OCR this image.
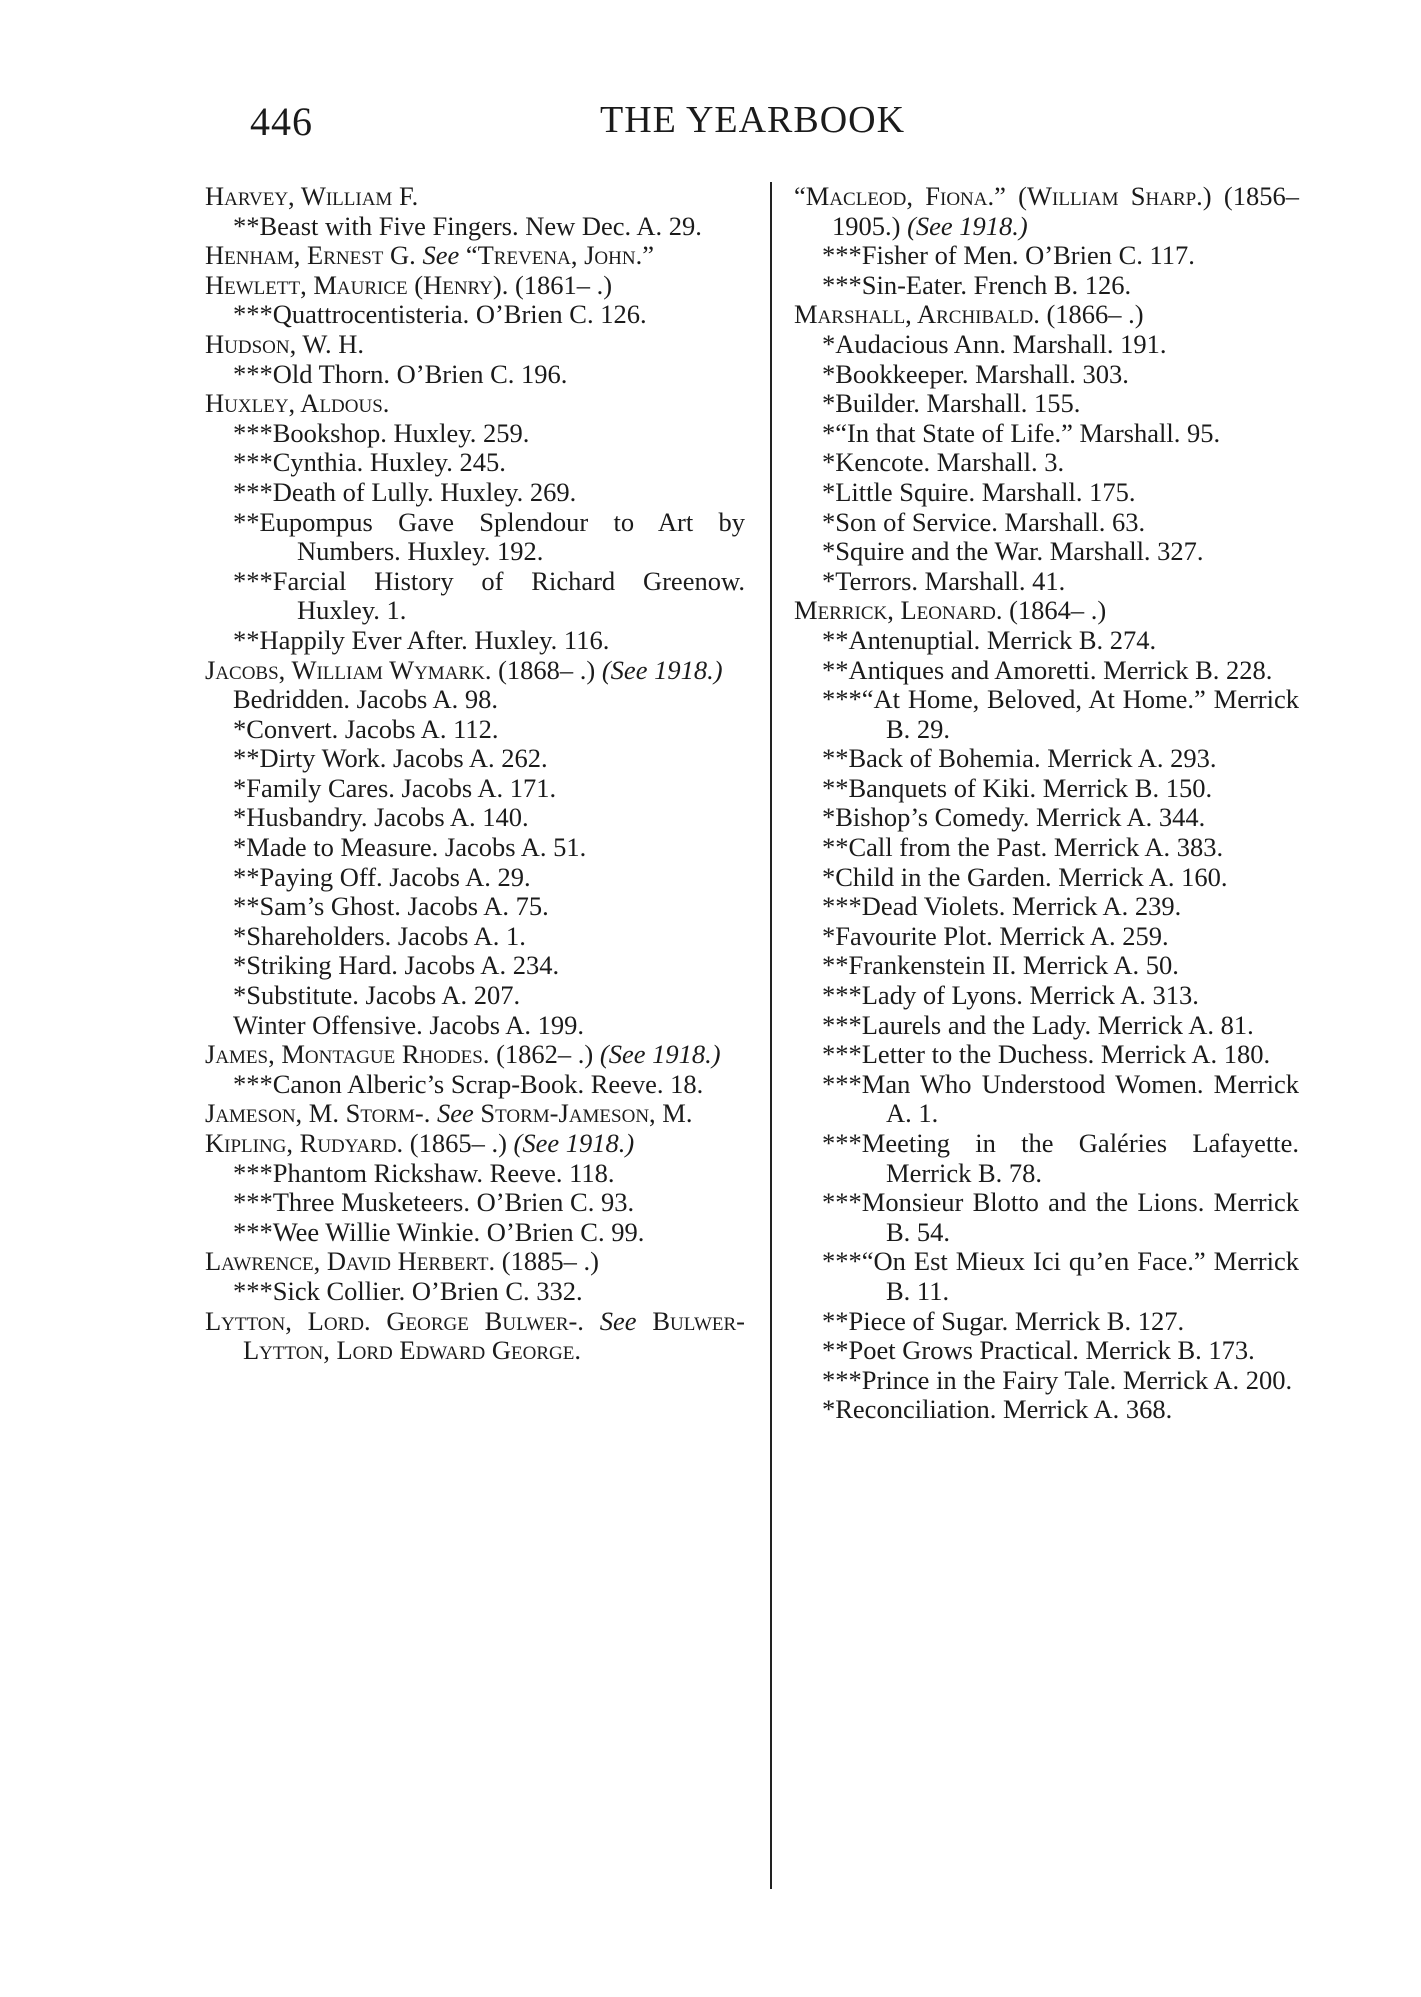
446	THE YEARBOOK
Harvey, William F.
**Beast with Five Fingers. New Dec. A. 29.
Henham, Ernest G. See “Trevena, John.”
Hewlett, Maurice (Henry). (1861– .)
***Quattrocentisteria. O’Brien C. 126.
Hudson, W. H.
***Old Thorn. O’Brien C. 196.
Huxley, Aldous.
***Bookshop. Huxley. 259.
***Cynthia. Huxley. 245.
***Death of Lully. Huxley. 269.
**Eupompus Gave Splendour to Art by Numbers. Huxley. 192.
***Farcial History of Richard Greenow. Huxley. 1.
**Happily Ever After. Huxley. 116.
Jacobs, William Wymark. (1868– .) (See 1918.)
Bedridden. Jacobs A. 98.
*Convert. Jacobs A. 112.
**Dirty Work. Jacobs A. 262.
*Family Cares. Jacobs A. 171.
*Husbandry. Jacobs A. 140.
*Made to Measure. Jacobs A. 51.
**Paying Off. Jacobs A. 29.
**Sam’s Ghost. Jacobs A. 75.
*Shareholders. Jacobs A. 1.
*Striking Hard. Jacobs A. 234.
*Substitute. Jacobs A. 207.
Winter Offensive. Jacobs A. 199.
James, Montague Rhodes. (1862– .) (See 1918.)
***Canon Alberic’s Scrap-Book. Reeve. 18.
Jameson, M. Storm-. See Storm-Jameson, M.
Kipling, Rudyard. (1865– .) (See 1918.)
***Phantom Rickshaw. Reeve. 118.
***Three Musketeers. O’Brien C. 93.
***Wee Willie Winkie. O’Brien C. 99.
Lawrence, David Herbert. (1885– .)
***Sick Collier. O’Brien C. 332.
Lytton, Lord. George Bulwer-. See Bulwer-Lytton, Lord Edward George.
“Macleod, Fiona.” (William Sharp.) (1856–1905.) (See 1918.)
***Fisher of Men. O’Brien C. 117.
***Sin-Eater. French B. 126.
Marshall, Archibald. (1866– .)
*Audacious Ann. Marshall. 191.
*Bookkeeper. Marshall. 303.
*Builder. Marshall. 155.
*“In that State of Life.” Marshall. 95.
*Kencote. Marshall. 3.
*Little Squire. Marshall. 175.
*Son of Service. Marshall. 63.
*Squire and the War. Marshall. 327.
*Terrors. Marshall. 41.
Merrick, Leonard. (1864– .)
**Antenuptial. Merrick B. 274.
**Antiques and Amoretti. Merrick B. 228.
***“At Home, Beloved, At Home.” Merrick B. 29.
**Back of Bohemia. Merrick A. 293.
**Banquets of Kiki. Merrick B. 150.
*Bishop’s Comedy. Merrick A. 344.
**Call from the Past. Merrick A. 383.
*Child in the Garden. Merrick A. 160.
***Dead Violets. Merrick A. 239.
*Favourite Plot. Merrick A. 259.
**Frankenstein II. Merrick A. 50.
***Lady of Lyons. Merrick A. 313.
***Laurels and the Lady. Merrick A. 81.
***Letter to the Duchess. Merrick A. 180.
***Man Who Understood Women. Merrick A. 1.
***Meeting in the Galéries Lafayette. Merrick B. 78.
***Monsieur Blotto and the Lions. Merrick B. 54.
***“On Est Mieux Ici qu’en Face.” Merrick B. 11.
**Piece of Sugar. Merrick B. 127.
**Poet Grows Practical. Merrick B. 173.
***Prince in the Fairy Tale. Merrick A. 200.
*Reconciliation. Merrick A. 368.
